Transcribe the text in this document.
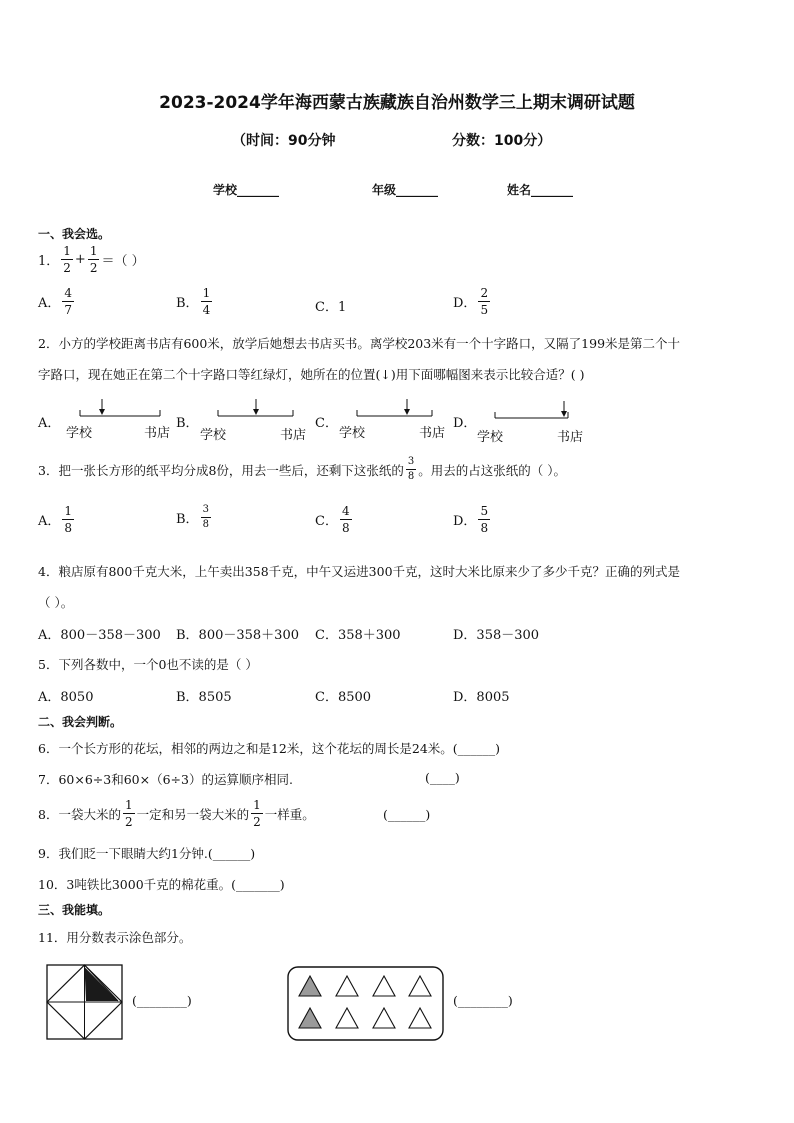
2023-2024学年海西蒙古族藏族自治州数学三上期末调研试题
（时间：90分钟	分数：100分）
学校_______	年级_______	姓名_______
一、我会选。
1． $\frac{1}{2} + \frac{1}{2}$ ＝（ ）
A． $\frac{4}{7}$	B． $\frac{1}{4}$	C．1	D． $\frac{2}{5}$
2．小方的学校距离书店有600米，放学后她想去书店买书。离学校203米有一个十字路口，又隔了199米是第二个十
字路口，现在她正在第二个十字路口等红绿灯，她所在的位置(↓)用下面哪幅图来表示比较合适？( )
A．
学校	书店
B．
学校	书店
C．
学校	书店
D．
学校	书店
3．把一张长方形的纸平均分成8份，用去一些后，还剩下这张纸的 $\frac{3}{8}$ 。用去的占这张纸的（ ）。
A． $\frac{1}{8}$	B． $\frac{3}{8}$	C． $\frac{4}{8}$	D． $\frac{5}{8}$
4．粮店原有800千克大米，上午卖出358千克，中午又运进300千克，这时大米比原来少了多少千克？正确的列式是
（ ）。
A．800－358－300 B．800－358＋300 C．358＋300	D．358－300
5．下列各数中，一个0也不读的是（ ）
A．8050	B．8505	C．8500	D．8005
二、我会判断。
6．一个长方形的花坛，相邻的两边之和是12米，这个花坛的周长是24米。(______)
7．60×6÷3和60×（6÷3）的运算顺序相同.	(____)
8．一袋大米的 $\frac{1}{2}$ 一定和另一袋大米的 $\frac{1}{2}$ 一样重。	(______)
9．我们眨一下眼睛大约1分钟.(______)
10．3吨铁比3000千克的棉花重。(_______)
三、我能填。
11．用分数表示涂色部分。
(________)	(________)
